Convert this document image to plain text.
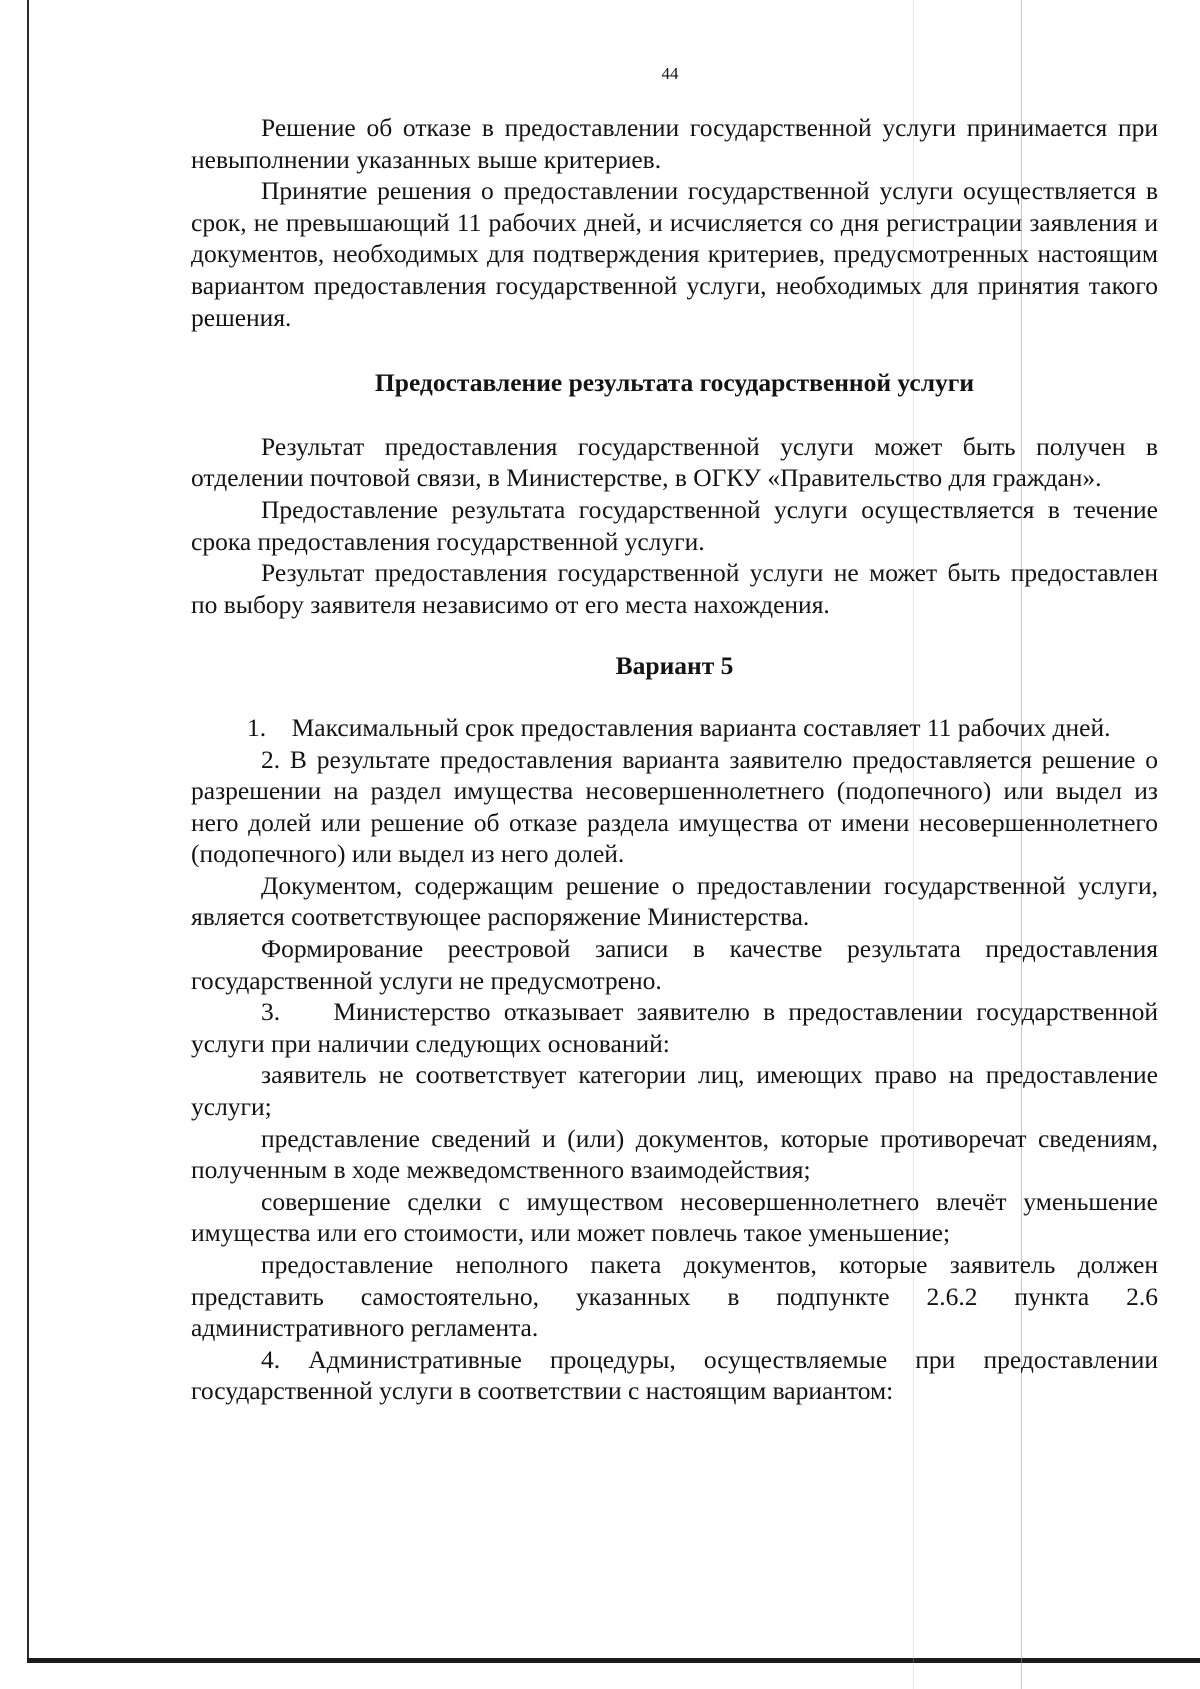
44

Решение об отказе в предоставлении государственной услуги принимается при невыполнении указанных выше критериев.

Принятие решения о предоставлении государственной услуги осуществляется в срок, не превышающий 11 рабочих дней, и исчисляется со дня регистрации заявления и документов, необходимых для подтверждения критериев, предусмотренных настоящим вариантом предоставления государственной услуги, необходимых для принятия такого решения.

Предоставление результата государственной услуги

Результат предоставления государственной услуги может быть получен в отделении почтовой связи, в Министерстве, в ОГКУ «Правительство для граждан».

Предоставление результата государственной услуги осуществляется в течение срока предоставления государственной услуги.

Результат предоставления государственной услуги не может быть предоставлен по выбору заявителя независимо от его места нахождения.

Вариант 5

1.    Максимальный срок предоставления варианта составляет 11 рабочих дней.

2. В результате предоставления варианта заявителю предоставляется решение о разрешении на раздел имущества несовершеннолетнего (подопечного) или выдел из него долей или решение об отказе раздела имущества от имени несовершеннолетнего (подопечного) или выдел из него долей.

Документом, содержащим решение о предоставлении государственной услуги, является соответствующее распоряжение Министерства.

Формирование реестровой записи в качестве результата предоставления государственной услуги не предусмотрено.

3.    Министерство отказывает заявителю в предоставлении государственной услуги при наличии следующих оснований:

заявитель не соответствует категории лиц, имеющих право на предоставление услуги;

представление сведений и (или) документов, которые противоречат сведениям, полученным в ходе межведомственного взаимодействия;

совершение сделки с имуществом несовершеннолетнего влечёт уменьшение имущества или его стоимости, или может повлечь такое уменьшение;

предоставление неполного пакета документов, которые заявитель должен представить самостоятельно, указанных в подпункте 2.6.2 пункта 2.6 административного регламента.

4. Административные процедуры, осуществляемые при предоставлении государственной услуги в соответствии с настоящим вариантом:
